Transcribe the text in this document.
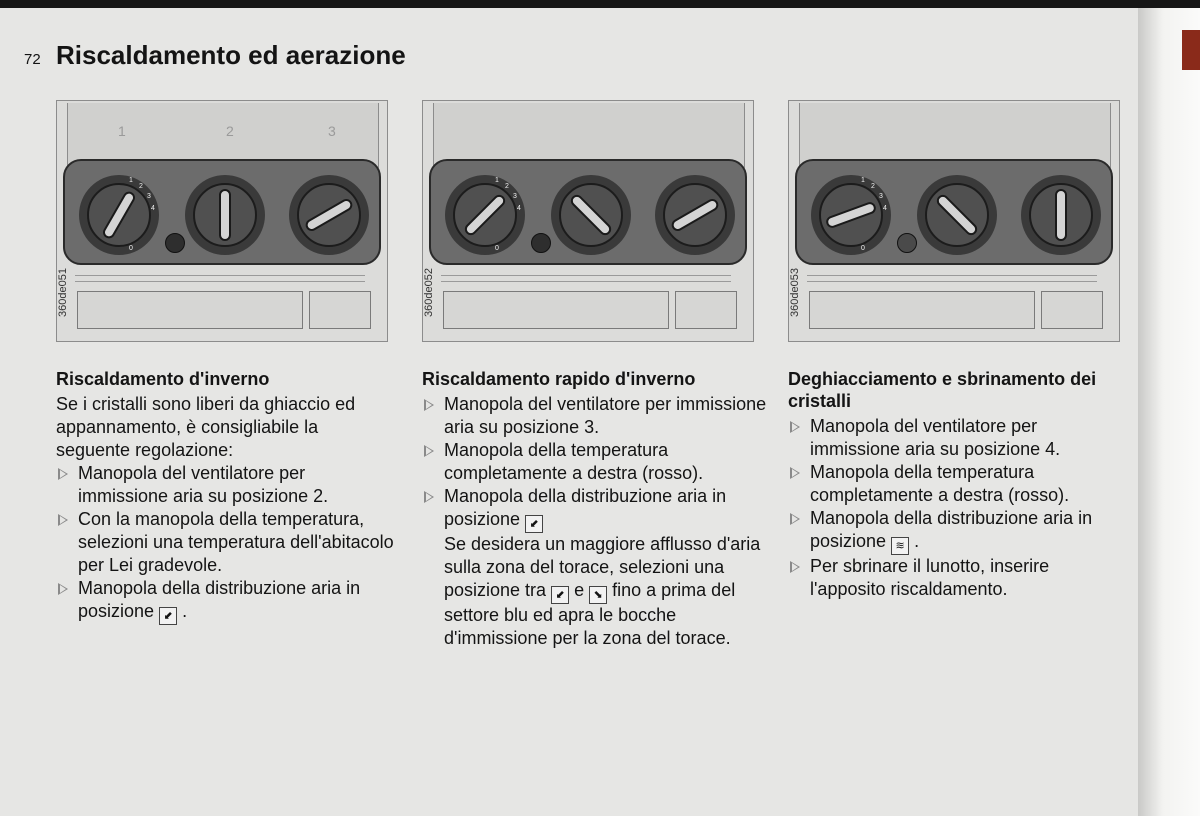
72 Riscaldamento ed aerazione
1	2	3
1
2
3
4
0
360de051
1
2
3
4
0
360de052
1
2
3
4
0
360de053
Riscaldamento d'inverno

Se i cristalli sono liberi da ghiaccio ed appannamento, è consigliabile la seguente regolazione:

Manopola del ventilatore per immissione aria su posizione 2.
Con la manopola della temperatura, selezioni una temperatura dell'abitacolo per Lei gradevole.
Manopola della distribuzione aria in posizione ⬋ .
Riscaldamento rapido d'inverno
Manopola del ventilatore per immissione aria su posizione 3.
Manopola della temperatura completamente a destra (rosso).
Manopola della distribuzione aria in posizione ⬋
Se desidera un maggiore afflusso d'aria sulla zona del torace, selezioni una posizione tra ⬋ e ⬊ fino a prima del settore blu ed apra le bocche d'immissione per la zona del torace.
Deghiacciamento e sbrinamento dei cristalli
Manopola del ventilatore per immissione aria su posizione 4.
Manopola della temperatura completamente a destra (rosso).
Manopola della distribuzione aria in posizione ≋ .
Per sbrinare il lunotto, inserire l'apposito riscaldamento.
